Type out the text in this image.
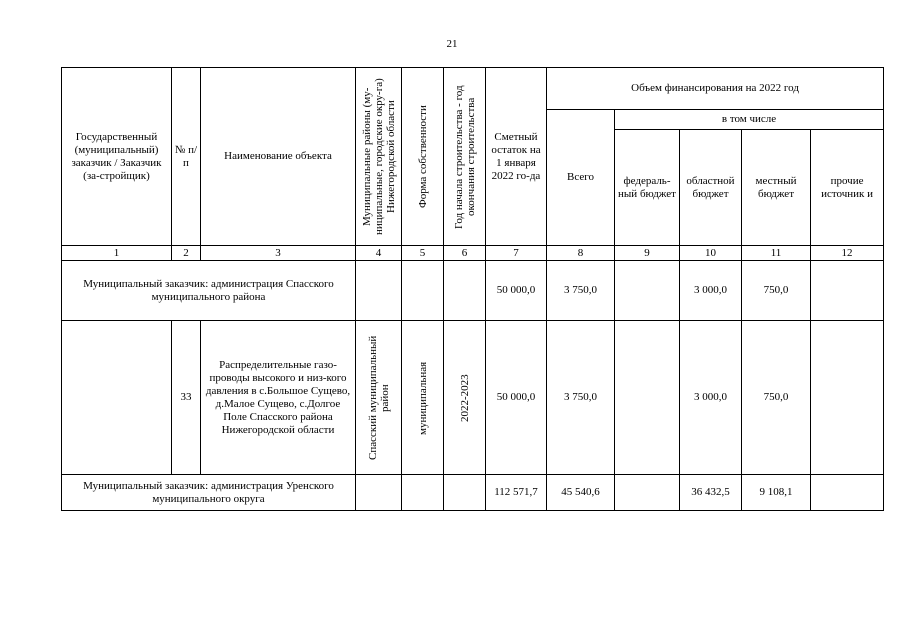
21
Государственный (муниципальный) заказчик / Заказчик (за-стройщик)	№ п/п	Наименование объекта	Муниципальные районы (му-ниципальные, городские окру-га) Нижегородской области	Форма собственности	Год начала строительства - год окончания строительства	Сметный остаток на 1 января 2022 го-да	Объем финансирования на 2022 год				
							Всего	в том числе			
								федераль-ный бюджет	областной бюджет	местный бюджет	прочие источник и
1	2	3	4	5	6	7	8	9	10	11	12
Муниципальный заказчик: администрация Спасского муниципального района						50 000,0	3 750,0		3 000,0	750,0	
	33	Распределительные газо-проводы высокого и низ-кого давления в с.Большое Сущево, д.Малое Сущево, с.Долгое Поле Спасского района Нижегородской области	Спасский муниципальный район	муниципальная	2022-2023	50 000,0	3 750,0		3 000,0	750,0	
Муниципальный заказчик: администрация Уренского муниципального округа						112 571,7	45 540,6		36 432,5	9 108,1	
